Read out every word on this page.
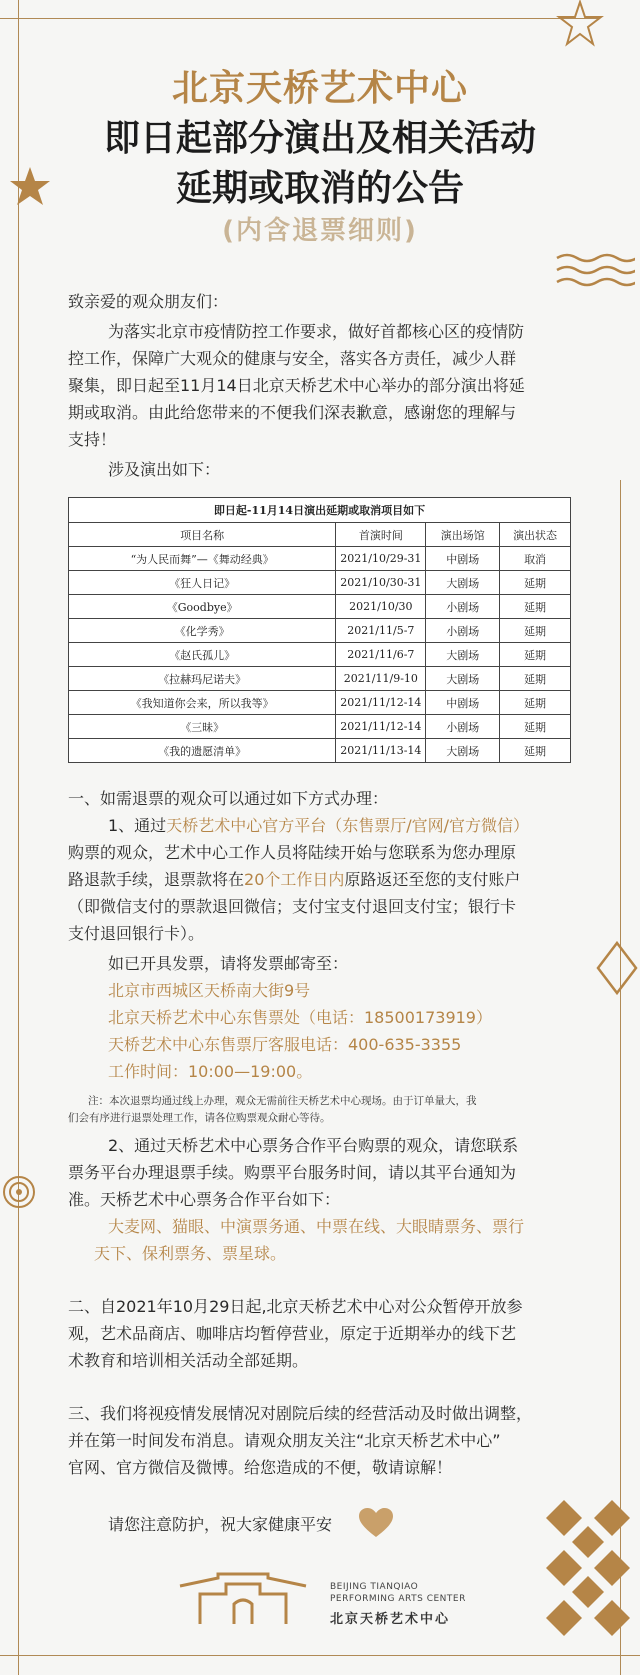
北京天桥艺术中心
即日起部分演出及相关活动
延期或取消的公告
(内含退票细则)
致亲爱的观众朋友们：
为落实北京市疫情防控工作要求，做好首都核心区的疫情防
控工作，保障广大观众的健康与安全，落实各方责任，减少人群
聚集，即日起至11月14日北京天桥艺术中心举办的部分演出将延
期或取消。由此给您带来的不便我们深表歉意，感谢您的理解与
支持！
涉及演出如下：
即日起-11月14日演出延期或取消项目如下			
项目名称	首演时间	演出场馆	演出状态
“为人民而舞”—《舞动经典》	2021/10/29-31	中剧场	取消
《狂人日记》	2021/10/30-31	大剧场	延期
《Goodbye》	2021/10/30	小剧场	延期
《化学秀》	2021/11/5-7	小剧场	延期
《赵氏孤儿》	2021/11/6-7	大剧场	延期
《拉赫玛尼诺夫》	2021/11/9-10	大剧场	延期
《我知道你会来，所以我等》	2021/11/12-14	中剧场	延期
《三昧》	2021/11/12-14	小剧场	延期
《我的遗愿清单》	2021/11/13-14	大剧场	延期
一、如需退票的观众可以通过如下方式办理：
1、通过天桥艺术中心官方平台（东售票厅/官网/官方微信）
购票的观众，艺术中心工作人员将陆续开始与您联系为您办理原
路退款手续，退票款将在20个工作日内原路返还至您的支付账户
（即微信支付的票款退回微信；支付宝支付退回支付宝；银行卡
支付退回银行卡）。
如已开具发票，请将发票邮寄至：
北京市西城区天桥南大街9号
北京天桥艺术中心东售票处（电话：18500173919）
天桥艺术中心东售票厅客服电话：400-635-3355
工作时间：10:00—19:00。
注：本次退票均通过线上办理，观众无需前往天桥艺术中心现场。由于订单量大，我
们会有序进行退票处理工作，请各位购票观众耐心等待。
2、通过天桥艺术中心票务合作平台购票的观众，请您联系
票务平台办理退票手续。购票平台服务时间，请以其平台通知为
准。天桥艺术中心票务合作平台如下：
大麦网、猫眼、中演票务通、中票在线、大眼睛票务、票行
天下、保利票务、票星球。
二、自2021年10月29日起,北京天桥艺术中心对公众暂停开放参
观，艺术品商店、咖啡店均暂停营业，原定于近期举办的线下艺
术教育和培训相关活动全部延期。
三、我们将视疫情发展情况对剧院后续的经营活动及时做出调整，
并在第一时间发布消息。请观众朋友关注“北京天桥艺术中心”
官网、官方微信及微博。给您造成的不便，敬请谅解！
请您注意防护，祝大家健康平安
BEIJING TIANQIAO
PERFORMING ARTS CENTER
北京天桥艺术中心
